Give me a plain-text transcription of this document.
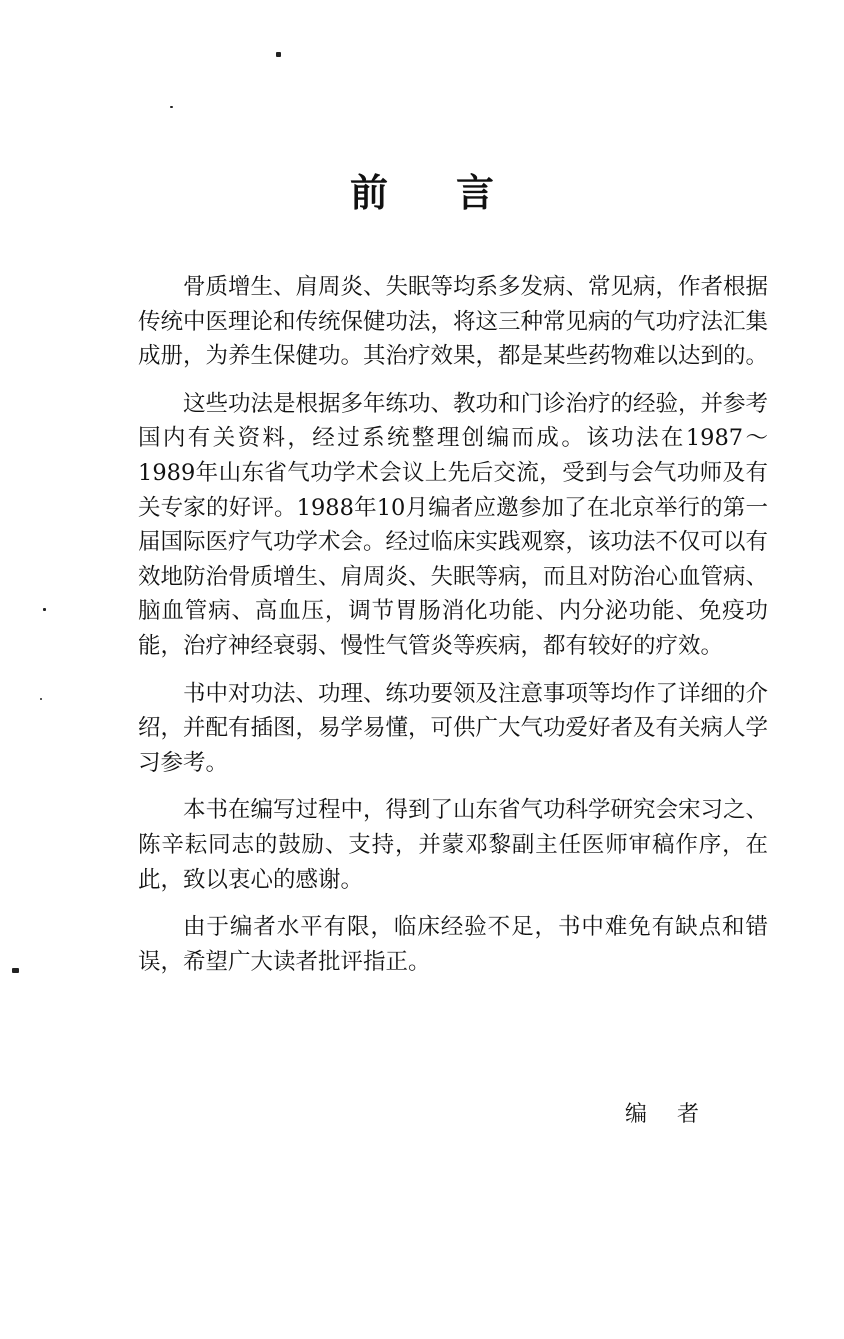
前言

骨质增生、肩周炎、失眠等均系多发病、常见病，作者根据传统中医理论和传统保健功法，将这三种常见病的气功疗法汇集成册，为养生保健功。其治疗效果，都是某些药物难以达到的。

这些功法是根据多年练功、教功和门诊治疗的经验，并参考国内有关资料，经过系统整理创编而成。该功法在1987～1989年山东省气功学术会议上先后交流，受到与会气功师及有关专家的好评。1988年10月编者应邀参加了在北京举行的第一届国际医疗气功学术会。经过临床实践观察，该功法不仅可以有效地防治骨质增生、肩周炎、失眠等病，而且对防治心血管病、脑血管病、高血压，调节胃肠消化功能、内分泌功能、免疫功能，治疗神经衰弱、慢性气管炎等疾病，都有较好的疗效。

书中对功法、功理、练功要领及注意事项等均作了详细的介绍，并配有插图，易学易懂，可供广大气功爱好者及有关病人学习参考。

本书在编写过程中，得到了山东省气功科学研究会宋习之、陈辛耘同志的鼓励、支持，并蒙邓黎副主任医师审稿作序，在此，致以衷心的感谢。

由于编者水平有限，临床经验不足，书中难免有缺点和错误，希望广大读者批评指正。

编者
